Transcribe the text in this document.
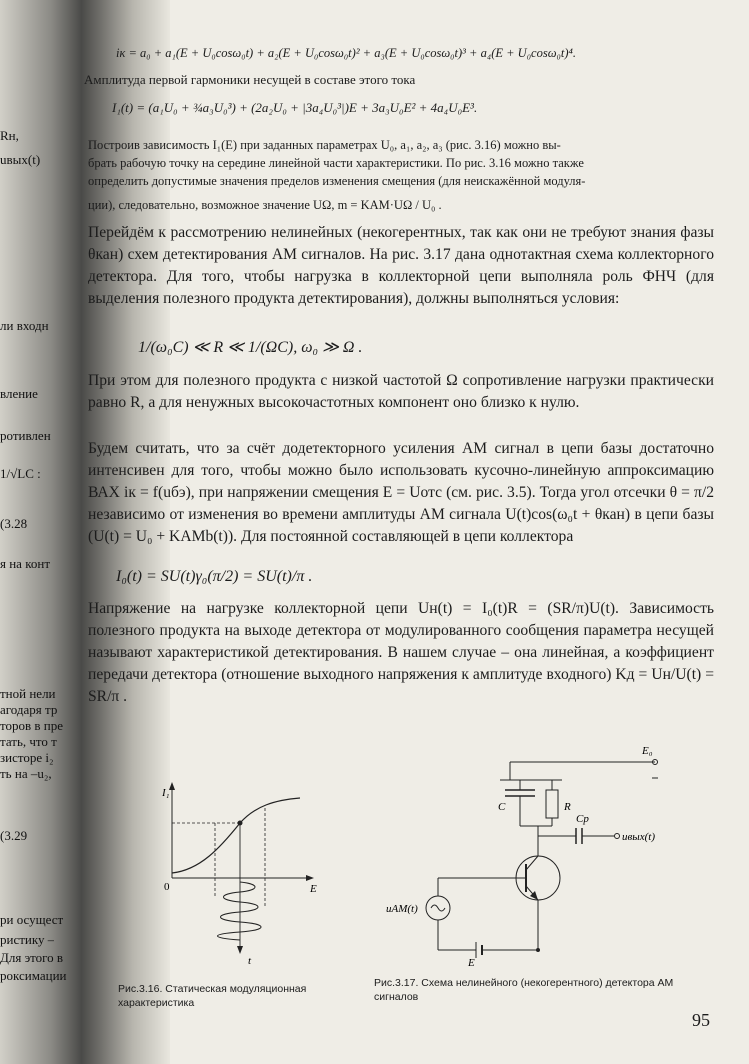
Rн,
uвых(t)
ли входн
вление
ротивлен
1/√LC :
(3.28
я на конт
тной нели
агодаря тр
торов в пре
тать, что т
зисторе i₂
ть на –u₂,
(3.29
ри осущест
ристику –
Для этого в
роксимации
iк = a₀ + a₁(E + U₀cosω₀t) + a₂(E + U₀cosω₀t)² + a₃(E + U₀cosω₀t)³ + a₄(E + U₀cosω₀t)⁴.
Амплитуда первой гармоники несущей в составе этого тока
I₁(t) = (a₁U₀ + ¾a₃U₀³) + (2a₂U₀ + |3a₄U₀³|)E + 3a₃U₀E² + 4a₄U₀E³.
Построив зависимость I₁(E) при заданных параметрах U₀, a₁, a₂, a₃ (рис. 3.16) можно вы-
брать рабочую точку на середине линейной части характеристики. По рис. 3.16 можно также
определить допустимые значения пределов изменения смещения (для неискажённой модуля-
ции), следовательно, возможное значение UΩ, m = KАМ·UΩ / U₀ .

Перейдём к рассмотрению нелинейных (некогерентных, так как они не требуют знания фазы θкан) схем детектирования АМ сигналов. На рис. 3.17 дана однотактная схема коллекторного детектора. Для того, чтобы нагрузка в коллекторной цепи выполняла роль ФНЧ (для выделения полезного продукта детектирования), должны выполняться условия:

1/(ω₀C) ≪ R ≪ 1/(ΩC), ω₀ ≫ Ω .

При этом для полезного продукта с низкой частотой Ω сопротивление нагрузки практически равно R, а для ненужных высокочастотных компонент оно близко к нулю.

Будем считать, что за счёт додетекторного усиления АМ сигнал в цепи базы достаточно интенсивен для того, чтобы можно было использовать кусочно-линейную аппроксимацию ВАХ iк = f(uбэ), при напряжении смещения E = Uотс (см. рис. 3.5). Тогда угол отсечки θ = π/2 независимо от изменения во времени амплитуды АМ сигнала U(t)cos(ω₀t + θкан) в цепи базы (U(t) = U₀ + KАМb(t)). Для постоянной составляющей в цепи коллектора

I₀(t) = SU(t)γ₀(π/2) = SU(t)/π .

Напряжение на нагрузке коллекторной цепи Uн(t) = I₀(t)R = (SR/π)U(t). Зависимость полезного продукта на выходе детектора от модулированного сообщения параметра несущей называют характеристикой детектирования. В нашем случае – она линейная, а коэффициент передачи детектора (отношение выходного напряжения к амплитуде входного) Kд = Uн/U(t) = SR/π .

I₁
E
0
t
Рис.3.16. Статическая модуляционная характеристика
E₀
C	R
Cр
uвых(t)
uАМ(t)
E
Рис.3.17. Схема нелинейного (некогерентного) детектора АМ сигналов
95
